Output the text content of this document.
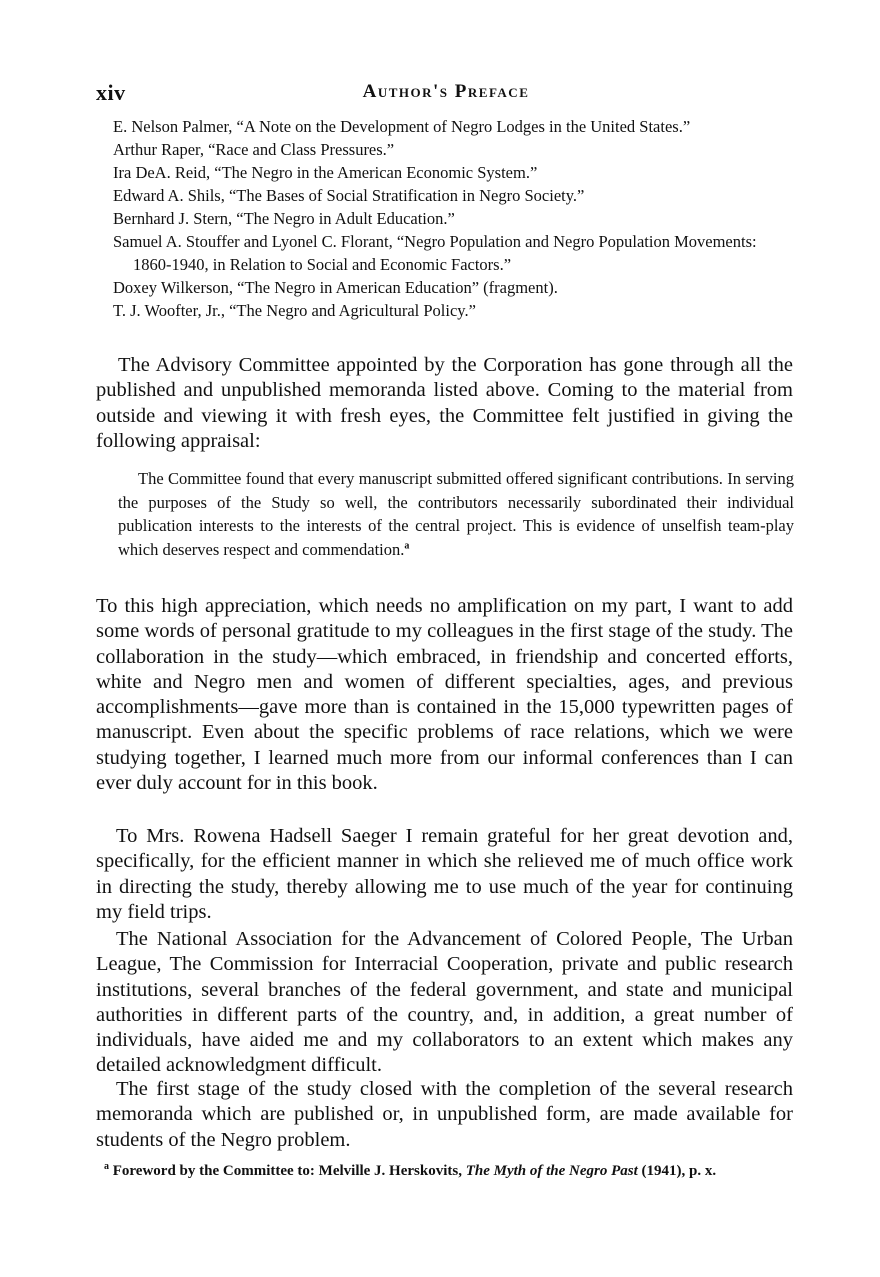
xiv	Author's Preface
E. Nelson Palmer, “A Note on the Development of Negro Lodges in the United States.”
Arthur Raper, “Race and Class Pressures.”
Ira DeA. Reid, “The Negro in the American Economic System.”
Edward A. Shils, “The Bases of Social Stratification in Negro Society.”
Bernhard J. Stern, “The Negro in Adult Education.”
Samuel A. Stouffer and Lyonel C. Florant, “Negro Population and Negro Population Movements: 1860-1940, in Relation to Social and Economic Factors.”
Doxey Wilkerson, “The Negro in American Education” (fragment).
T. J. Woofter, Jr., “The Negro and Agricultural Policy.”

The Advisory Committee appointed by the Corporation has gone through all the published and unpublished memoranda listed above. Coming to the material from outside and viewing it with fresh eyes, the Committee felt justified in giving the following appraisal:

The Committee found that every manuscript submitted offered significant contributions. In serving the purposes of the Study so well, the contributors necessarily subordinated their individual publication interests to the interests of the central project. This is evidence of unselfish team-play which deserves respect and commendation.$^a$

To this high appreciation, which needs no amplification on my part, I want to add some words of personal gratitude to my colleagues in the first stage of the study. The collaboration in the study—which embraced, in friendship and concerted efforts, white and Negro men and women of different specialties, ages, and previous accomplishments—gave more than is contained in the 15,000 typewritten pages of manuscript. Even about the specific problems of race relations, which we were studying together, I learned much more from our informal conferences than I can ever duly account for in this book.

To Mrs. Rowena Hadsell Saeger I remain grateful for her great devotion and, specifically, for the efficient manner in which she relieved me of much office work in directing the study, thereby allowing me to use much of the year for continuing my field trips.

The National Association for the Advancement of Colored People, The Urban League, The Commission for Interracial Cooperation, private and public research institutions, several branches of the federal government, and state and municipal authorities in different parts of the country, and, in addition, a great number of individuals, have aided me and my collaborators to an extent which makes any detailed acknowledgment difficult.

The first stage of the study closed with the completion of the several research memoranda which are published or, in unpublished form, are made available for students of the Negro problem.

$^a$ Foreword by the Committee to: Melville J. Herskovits, The Myth of the Negro Past (1941), p. x.
